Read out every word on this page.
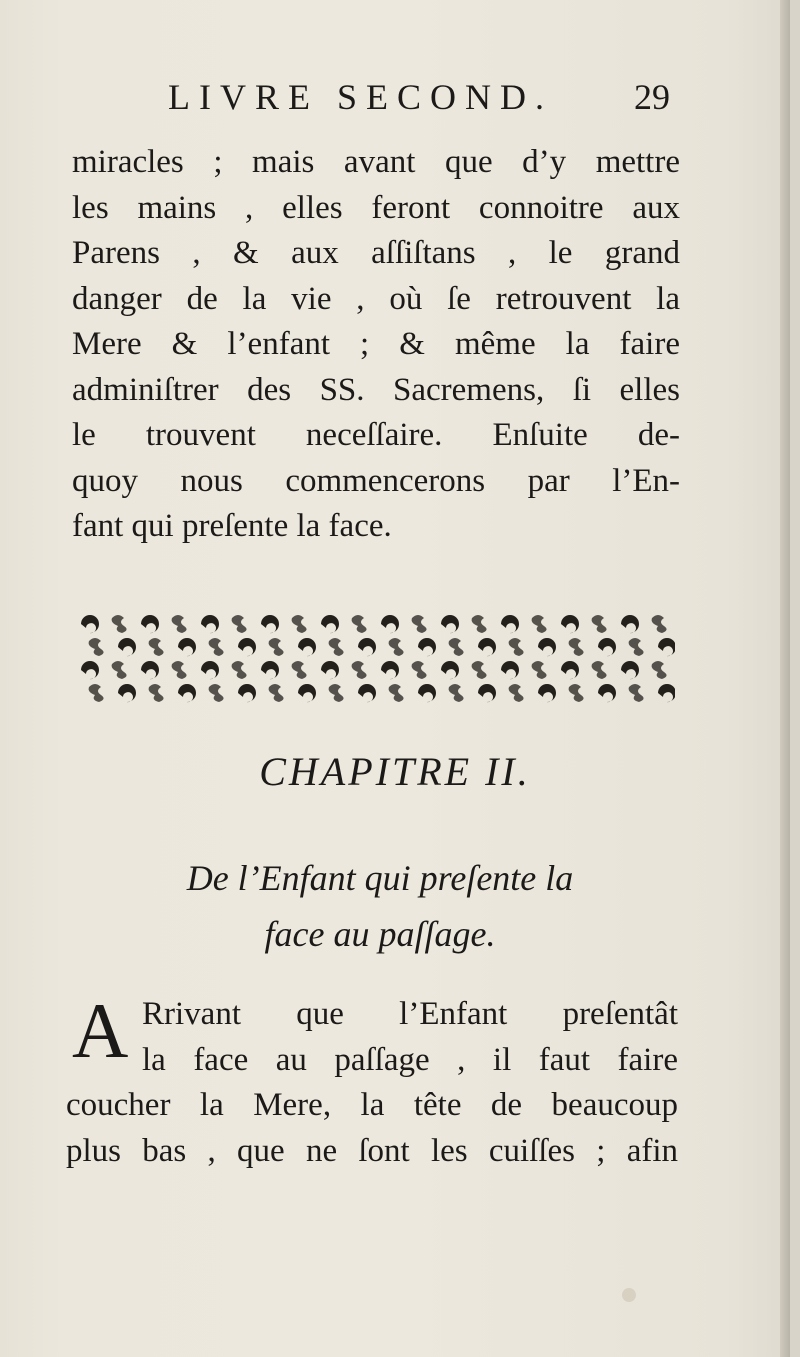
LIVRE SECOND. 29
miracles ; mais avant que d’y mettre
les mains , elles feront connoitre aux
Parens , & aux aſſiſtans , le grand
danger de la vie , où ſe retrouvent la
Mere & l’enfant ; & même la faire
adminiſtrer des SS. Sacremens, ſi elles
le trouvent neceſſaire. Enſuite de-
quoy nous commencerons par l’En-
fant qui preſente la face.
CHAPITRE II.
De l’Enfant qui preſente la
face au paſſage.
A Rrivant que l’Enfant preſentât
la face au paſſage , il faut faire
coucher la Mere, la tête de beaucoup
plus bas , que ne ſont les cuiſſes ; afin
